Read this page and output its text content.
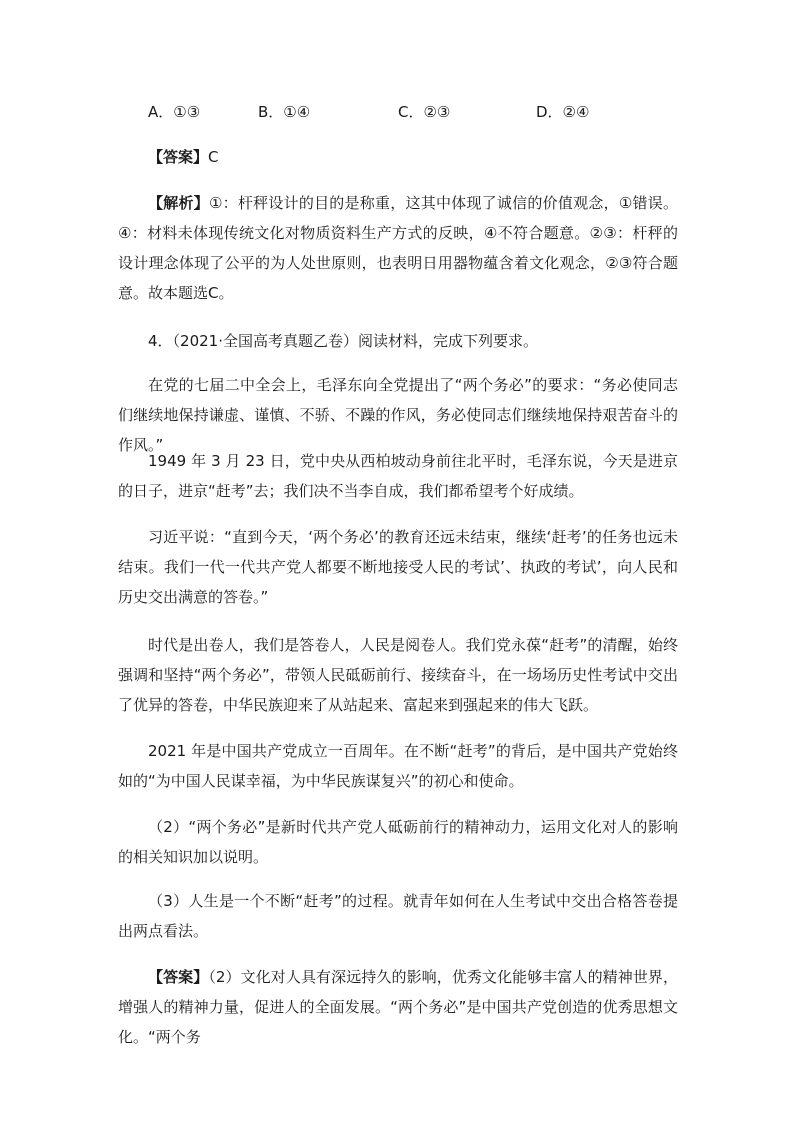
A．①③	B．①④	C．②③	D．②④

【答案】C

【解析】①：杆秤设计的目的是称重，这其中体现了诚信的价值观念，①错误。④：材料未体现传统文化对物质资料生产方式的反映，④不符合题意。②③：杆秤的设计理念体现了公平的为人处世原则，也表明日用器物蕴含着文化观念，②③符合题意。故本题选C。

4．（2021·全国高考真题乙卷）阅读材料，完成下列要求。

在党的七届二中全会上，毛泽东向全党提出了“两个务必”的要求：“务必使同志们继续地保持谦虚、谨慎、不骄、不躁的作风，务必使同志们继续地保持艰苦奋斗的作风。”

1949 年 3 月 23 日，党中央从西柏坡动身前往北平时，毛泽东说，今天是进京的日子，进京“赶考”去；我们决不当李自成，我们都希望考个好成绩。

习近平说：“直到今天，‘两个务必’的教育还远未结束，继续‘赶考’的任务也远未结束。我们一代一代共产党人都要不断地接受人民的考试’、执政的考试’，向人民和历史交出满意的答卷。”

时代是出卷人，我们是答卷人，人民是阅卷人。我们党永葆“赶考”的清醒，始终强调和坚持“两个务必”，带领人民砥砺前行、接续奋斗，在一场场历史性考试中交出了优异的答卷，中华民族迎来了从站起来、富起来到强起来的伟大飞跃。

2021 年是中国共产党成立一百周年。在不断“赶考”的背后，是中国共产党始终如的“为中国人民谋幸福，为中华民族谋复兴”的初心和使命。

（2）“两个务必”是新时代共产党人砥砺前行的精神动力，运用文化对人的影响的相关知识加以说明。

（3）人生是一个不断“赶考”的过程。就青年如何在人生考试中交出合格答卷提出两点看法。

【答案】（2）文化对人具有深远持久的影响，优秀文化能够丰富人的精神世界，增强人的精神力量，促进人的全面发展。“两个务必”是中国共产党创造的优秀思想文化。“两个务
